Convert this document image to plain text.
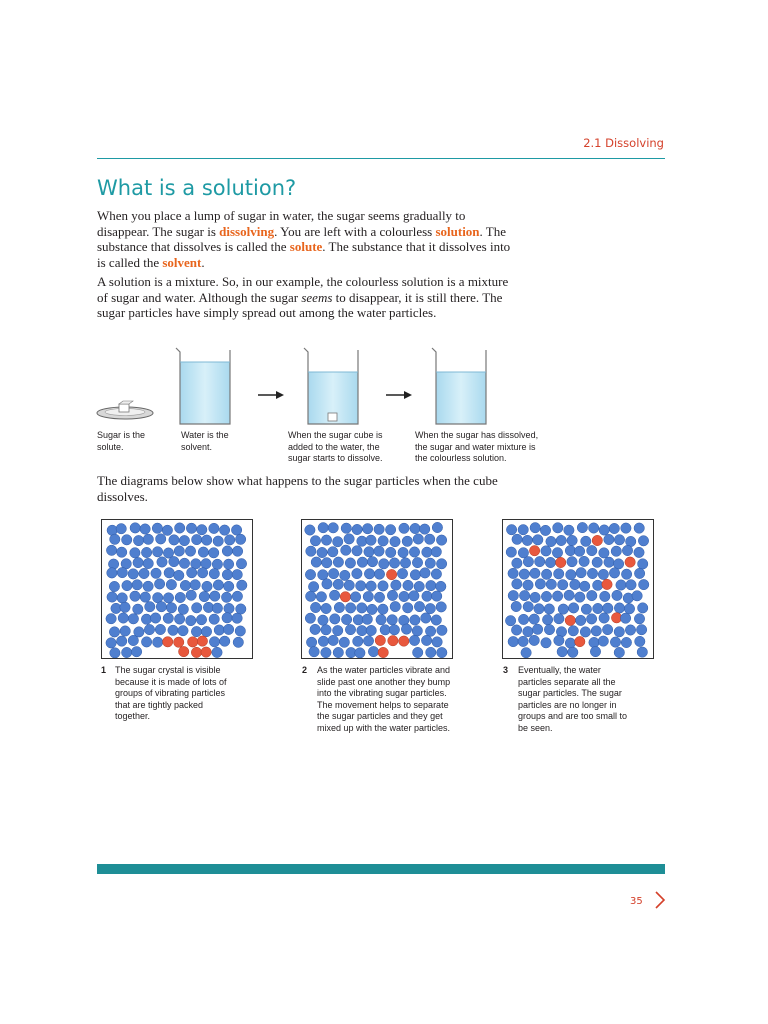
2.1 Dissolving
What is a solution?
When you place a lump of sugar in water, the sugar seems gradually to disappear. The sugar is dissolving. You are left with a colourless solution. The substance that dissolves is called the solute. The substance that it dissolves into is called the solvent.
A solution is a mixture. So, in our example, the colourless solution is a mixture of sugar and water. Although the sugar seems to disappear, it is still there. The sugar particles have simply spread out among the water particles.
Sugar is the solute.
Water is the solvent.
When the sugar cube is added to the water, the sugar starts to dissolve.
When the sugar has dissolved, the sugar and water mixture is the colourless solution.
The diagrams below show what happens to the sugar particles when the cube dissolves.
1 The sugar crystal is visible because it is made of lots of groups of vibrating particles that are tightly packed together.
2 As the water particles vibrate and slide past one another they bump into the vibrating sugar particles. The movement helps to separate the sugar particles and they get mixed up with the water particles.
3 Eventually, the water particles separate all the sugar particles. The sugar particles are no longer in groups and are too small to be seen.
35
